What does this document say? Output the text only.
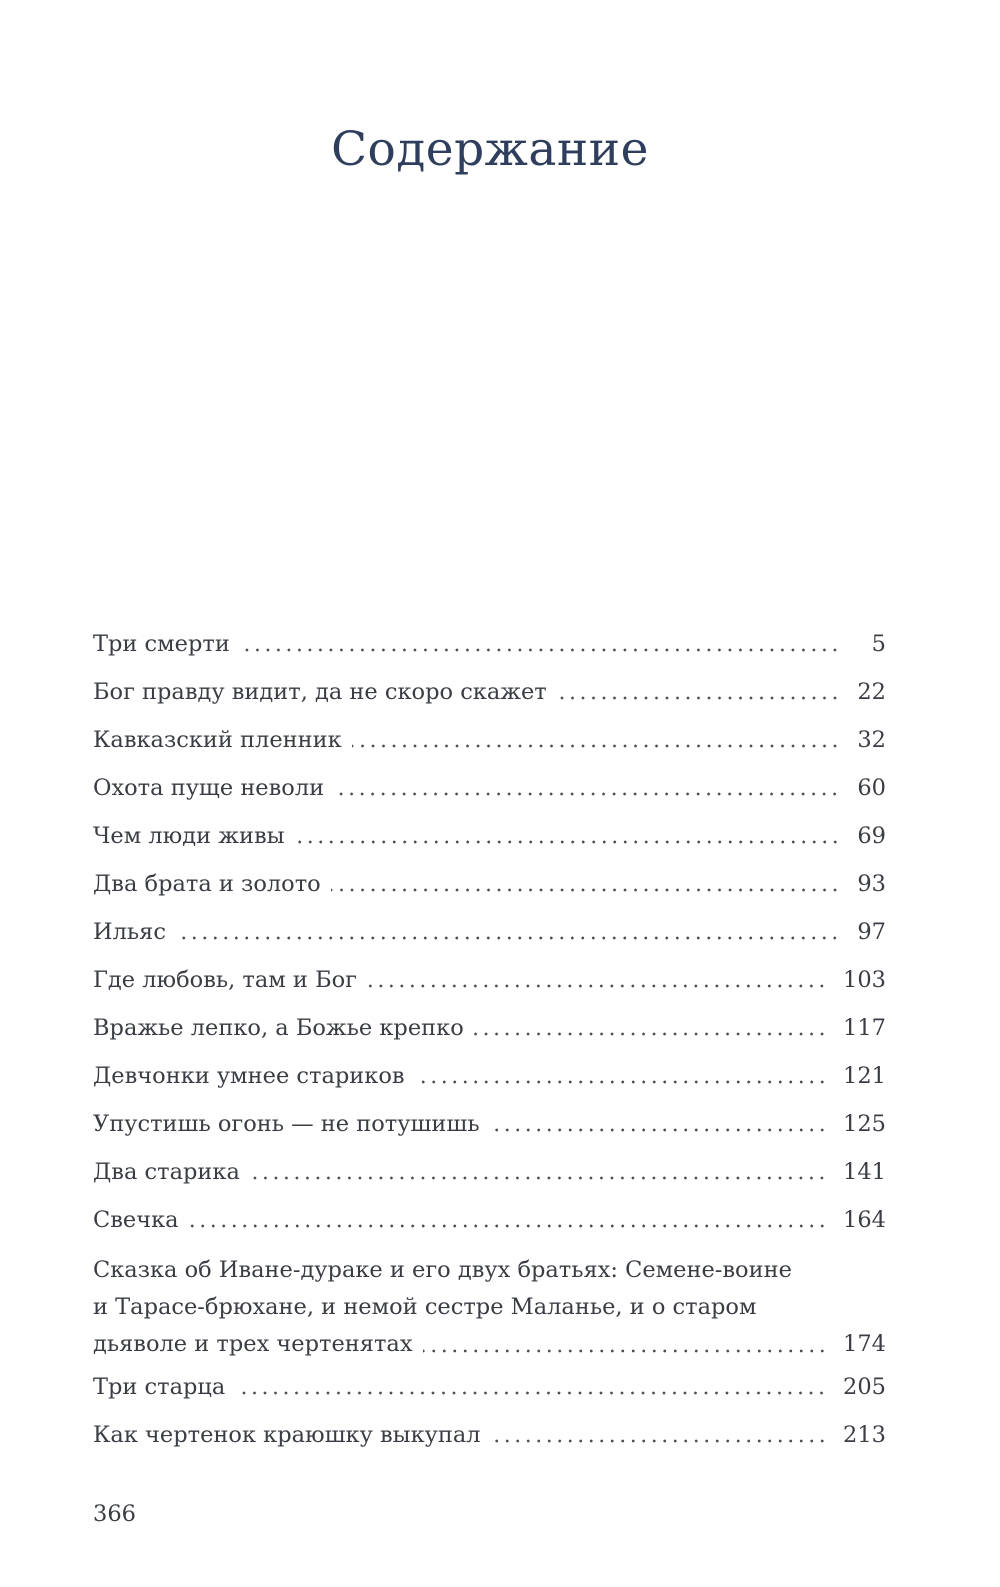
Содержание
Три смерти	5
Бог правду видит, да не скоро скажет	22
Кавказский пленник	32
Охота пуще неволи	60
Чем люди живы	69
Два брата и золото	93
Ильяс	97
Где любовь, там и Бог	103
Вражье лепко, а Божье крепко	117
Девчонки умнее стариков	121
Упустишь огонь — не потушишь	125
Два старика	141
Свечка	164
Сказка об Иване-дураке и его двух братьях: Семене-воине
и Тарасе-брюхане, и немой сестре Маланье, и о старом
дьяволе и трех чертенятах	174
Три старца	205
Как чертенок краюшку выкупал	213
366
